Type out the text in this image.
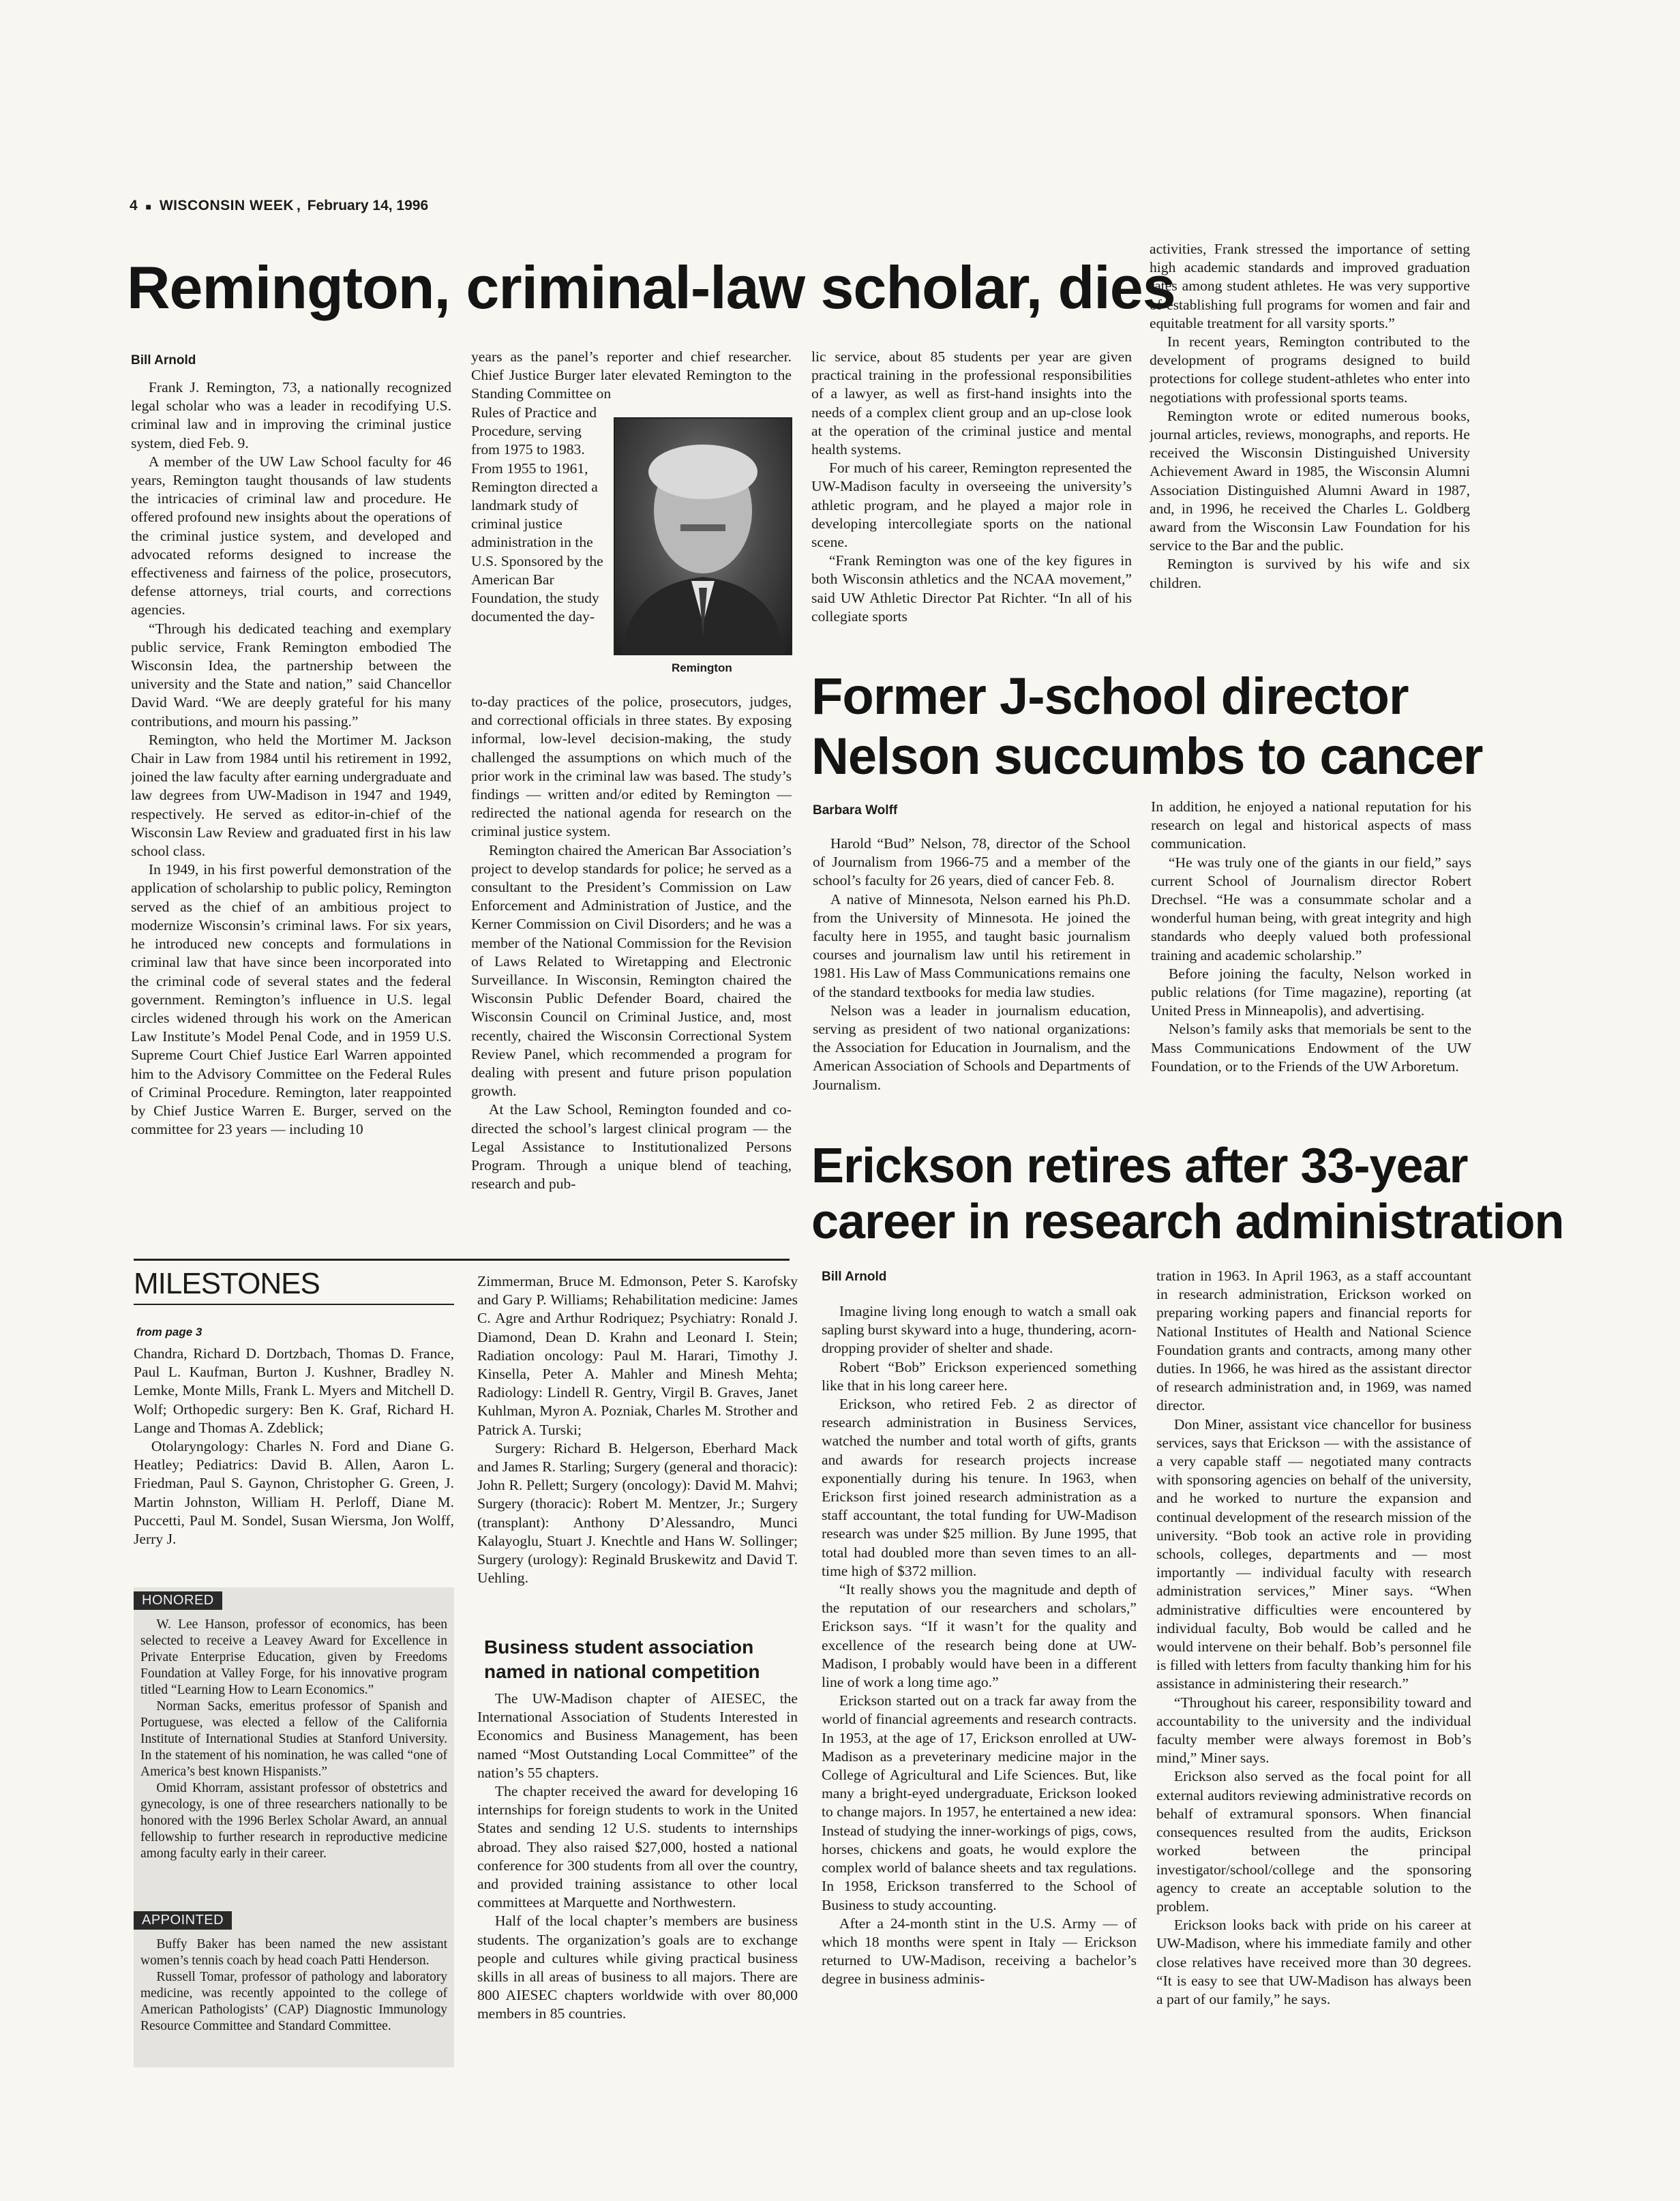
4 ■ WISCONSIN WEEK , February 14, 1996
Remington, criminal-law scholar, dies
Bill Arnold

Frank J. Remington, 73, a nationally recognized legal scholar who was a leader in recodifying U.S. criminal law and in improving the criminal justice system, died Feb. 9.

A member of the UW Law School faculty for 46 years, Remington taught thousands of law students the intricacies of criminal law and procedure. He offered profound new insights about the operations of the criminal justice system, and developed and advocated reforms designed to increase the effectiveness and fairness of the police, prosecutors, defense attorneys, trial courts, and corrections agencies.

“Through his dedicated teaching and exemplary public service, Frank Remington embodied The Wisconsin Idea, the partnership between the university and the State and nation,” said Chancellor David Ward. “We are deeply grateful for his many contributions, and mourn his passing.”

Remington, who held the Mortimer M. Jackson Chair in Law from 1984 until his retirement in 1992, joined the law faculty after earning undergraduate and law degrees from UW-Madison in 1947 and 1949, respectively. He served as editor-in-chief of the Wisconsin Law Review and graduated first in his law school class.

In 1949, in his first powerful demonstration of the application of scholarship to public policy, Remington served as the chief of an ambitious project to modernize Wisconsin’s criminal laws. For six years, he introduced new concepts and formulations in criminal law that have since been incorporated into the criminal code of several states and the federal government. Remington’s influence in U.S. legal circles widened through his work on the American Law Institute’s Model Penal Code, and in 1959 U.S. Supreme Court Chief Justice Earl Warren appointed him to the Advisory Committee on the Federal Rules of Criminal Procedure. Remington, later reappointed by Chief Justice Warren E. Burger, served on the committee for 23 years — including 10

years as the panel’s reporter and chief researcher. Chief Justice Burger later elevated Remington to the Standing Committee on

Rules of Practice and Procedure, serving from 1975 to 1983. From 1955 to 1961, Remington directed a landmark study of criminal justice administration in the U.S. Sponsored by the American Bar Foundation, the study documented the day-

Remington

to-day practices of the police, prosecutors, judges, and correctional officials in three states. By exposing informal, low-level decision-making, the study challenged the assumptions on which much of the prior work in the criminal law was based. The study’s findings — written and/or edited by Remington — redirected the national agenda for research on the criminal justice system.

Remington chaired the American Bar Association’s project to develop standards for police; he served as a consultant to the President’s Commission on Law Enforcement and Administration of Justice, and the Kerner Commission on Civil Disorders; and he was a member of the National Commission for the Revision of Laws Related to Wiretapping and Electronic Surveillance. In Wisconsin, Remington chaired the Wisconsin Public Defender Board, chaired the Wisconsin Council on Criminal Justice, and, most recently, chaired the Wisconsin Correctional System Review Panel, which recommended a program for dealing with present and future prison population growth.

At the Law School, Remington founded and co-directed the school’s largest clinical program — the Legal Assistance to Institutionalized Persons Program. Through a unique blend of teaching, research and pub-

lic service, about 85 students per year are given practical training in the professional responsibilities of a lawyer, as well as first-hand insights into the needs of a complex client group and an up-close look at the operation of the criminal justice and mental health systems.

For much of his career, Remington represented the UW-Madison faculty in overseeing the university’s athletic program, and he played a major role in developing intercollegiate sports on the national scene.

“Frank Remington was one of the key figures in both Wisconsin athletics and the NCAA movement,” said UW Athletic Director Pat Richter. “In all of his collegiate sports

activities, Frank stressed the importance of setting high academic standards and improved graduation rates among student athletes. He was very supportive of establishing full programs for women and fair and equitable treatment for all varsity sports.”

In recent years, Remington contributed to the development of programs designed to build protections for college student-athletes who enter into negotiations with professional sports teams.

Remington wrote or edited numerous books, journal articles, reviews, monographs, and reports. He received the Wisconsin Distinguished University Achievement Award in 1985, the Wisconsin Alumni Association Distinguished Alumni Award in 1987, and, in 1996, he received the Charles L. Goldberg award from the Wisconsin Law Foundation for his service to the Bar and the public.

Remington is survived by his wife and six children.

Former J-school director
Nelson succumbs to cancer
Barbara Wolff

Harold “Bud” Nelson, 78, director of the School of Journalism from 1966-75 and a member of the school’s faculty for 26 years, died of cancer Feb. 8.

A native of Minnesota, Nelson earned his Ph.D. from the University of Minnesota. He joined the faculty here in 1955, and taught basic journalism courses and journalism law until his retirement in 1981. His Law of Mass Communications remains one of the standard textbooks for media law studies.

Nelson was a leader in journalism education, serving as president of two national organizations: the Association for Education in Journalism, and the American Association of Schools and Departments of Journalism.

In addition, he enjoyed a national reputation for his research on legal and historical aspects of mass communication.

“He was truly one of the giants in our field,” says current School of Journalism director Robert Drechsel. “He was a consummate scholar and a wonderful human being, with great integrity and high standards who deeply valued both professional training and academic scholarship.”

Before joining the faculty, Nelson worked in public relations (for Time magazine), reporting (at United Press in Minneapolis), and advertising.

Nelson’s family asks that memorials be sent to the Mass Communications Endowment of the UW Foundation, or to the Friends of the UW Arboretum.

Erickson retires after 33-year
career in research administration
Bill Arnold

Imagine living long enough to watch a small oak sapling burst skyward into a huge, thundering, acorn-dropping provider of shelter and shade.

Robert “Bob” Erickson experienced something like that in his long career here.

Erickson, who retired Feb. 2 as director of research administration in Business Services, watched the number and total worth of gifts, grants and awards for research projects increase exponentially during his tenure. In 1963, when Erickson first joined research administration as a staff accountant, the total funding for UW-Madison research was under $25 million. By June 1995, that total had doubled more than seven times to an all-time high of $372 million.

“It really shows you the magnitude and depth of the reputation of our researchers and scholars,” Erickson says. “If it wasn’t for the quality and excellence of the research being done at UW-Madison, I probably would have been in a different line of work a long time ago.”

Erickson started out on a track far away from the world of financial agreements and research contracts. In 1953, at the age of 17, Erickson enrolled at UW-Madison as a preveterinary medicine major in the College of Agricultural and Life Sciences. But, like many a bright-eyed undergraduate, Erickson looked to change majors. In 1957, he entertained a new idea: Instead of studying the inner-workings of pigs, cows, horses, chickens and goats, he would explore the complex world of balance sheets and tax regulations. In 1958, Erickson transferred to the School of Business to study accounting.

After a 24-month stint in the U.S. Army — of which 18 months were spent in Italy — Erickson returned to UW-Madison, receiving a bachelor’s degree in business adminis-

tration in 1963. In April 1963, as a staff accountant in research administration, Erickson worked on preparing working papers and financial reports for National Institutes of Health and National Science Foundation grants and contracts, among many other duties. In 1966, he was hired as the assistant director of research administration and, in 1969, was named director.

Don Miner, assistant vice chancellor for business services, says that Erickson — with the assistance of a very capable staff — negotiated many contracts with sponsoring agencies on behalf of the university, and he worked to nurture the expansion and continual development of the research mission of the university. “Bob took an active role in providing schools, colleges, departments and — most importantly — individual faculty with research administration services,” Miner says. “When administrative difficulties were encountered by individual faculty, Bob would be called and he would intervene on their behalf. Bob’s personnel file is filled with letters from faculty thanking him for his assistance in administering their research.”

“Throughout his career, responsibility toward and accountability to the university and the individual faculty member were always foremost in Bob’s mind,” Miner says.

Erickson also served as the focal point for all external auditors reviewing administrative records on behalf of extramural sponsors. When financial consequences resulted from the audits, Erickson worked between the principal investigator/school/college and the sponsoring agency to create an acceptable solution to the problem.

Erickson looks back with pride on his career at UW-Madison, where his immediate family and other close relatives have received more than 30 degrees. “It is easy to see that UW-Madison has always been a part of our family,” he says.

MILESTONES
from page 3

Chandra, Richard D. Dortzbach, Thomas D. France, Paul L. Kaufman, Burton J. Kushner, Bradley N. Lemke, Monte Mills, Frank L. Myers and Mitchell D. Wolf; Orthopedic surgery: Ben K. Graf, Richard H. Lange and Thomas A. Zdeblick;

Otolaryngology: Charles N. Ford and Diane G. Heatley; Pediatrics: David B. Allen, Aaron L. Friedman, Paul S. Gaynon, Christopher G. Green, J. Martin Johnston, William H. Perloff, Diane M. Puccetti, Paul M. Sondel, Susan Wiersma, Jon Wolff, Jerry J.

HONORED

W. Lee Hanson, professor of economics, has been selected to receive a Leavey Award for Excellence in Private Enterprise Education, given by Freedoms Foundation at Valley Forge, for his innovative program titled “Learning How to Learn Economics.”

Norman Sacks, emeritus professor of Spanish and Portuguese, was elected a fellow of the California Institute of International Studies at Stanford University. In the statement of his nomination, he was called “one of America’s best known Hispanists.”

Omid Khorram, assistant professor of obstetrics and gynecology, is one of three researchers nationally to be honored with the 1996 Berlex Scholar Award, an annual fellowship to further research in reproductive medicine among faculty early in their career.

APPOINTED

Buffy Baker has been named the new assistant women’s tennis coach by head coach Patti Henderson.

Russell Tomar, professor of pathology and laboratory medicine, was recently appointed to the college of American Pathologists’ (CAP) Diagnostic Immunology Resource Committee and Standard Committee.

Zimmerman, Bruce M. Edmonson, Peter S. Karofsky and Gary P. Williams; Rehabilitation medicine: James C. Agre and Arthur Rodriquez; Psychiatry: Ronald J. Diamond, Dean D. Krahn and Leonard I. Stein; Radiation oncology: Paul M. Harari, Timothy J. Kinsella, Peter A. Mahler and Minesh Mehta; Radiology: Lindell R. Gentry, Virgil B. Graves, Janet Kuhlman, Myron A. Pozniak, Charles M. Strother and Patrick A. Turski;

Surgery: Richard B. Helgerson, Eberhard Mack and James R. Starling; Surgery (general and thoracic): John R. Pellett; Surgery (oncology): David M. Mahvi; Surgery (thoracic): Robert M. Mentzer, Jr.; Surgery (transplant): Anthony D’Alessandro, Munci Kalayoglu, Stuart J. Knechtle and Hans W. Sollinger; Surgery (urology): Reginald Bruskewitz and David T. Uehling.

Business student association named in national competition

The UW-Madison chapter of AIESEC, the International Association of Students Interested in Economics and Business Management, has been named “Most Outstanding Local Committee” of the nation’s 55 chapters.

The chapter received the award for developing 16 internships for foreign students to work in the United States and sending 12 U.S. students to internships abroad. They also raised $27,000, hosted a national conference for 300 students from all over the country, and provided training assistance to other local committees at Marquette and Northwestern.

Half of the local chapter’s members are business students. The organization’s goals are to exchange people and cultures while giving practical business skills in all areas of business to all majors. There are 800 AIESEC chapters worldwide with over 80,000 members in 85 countries.
